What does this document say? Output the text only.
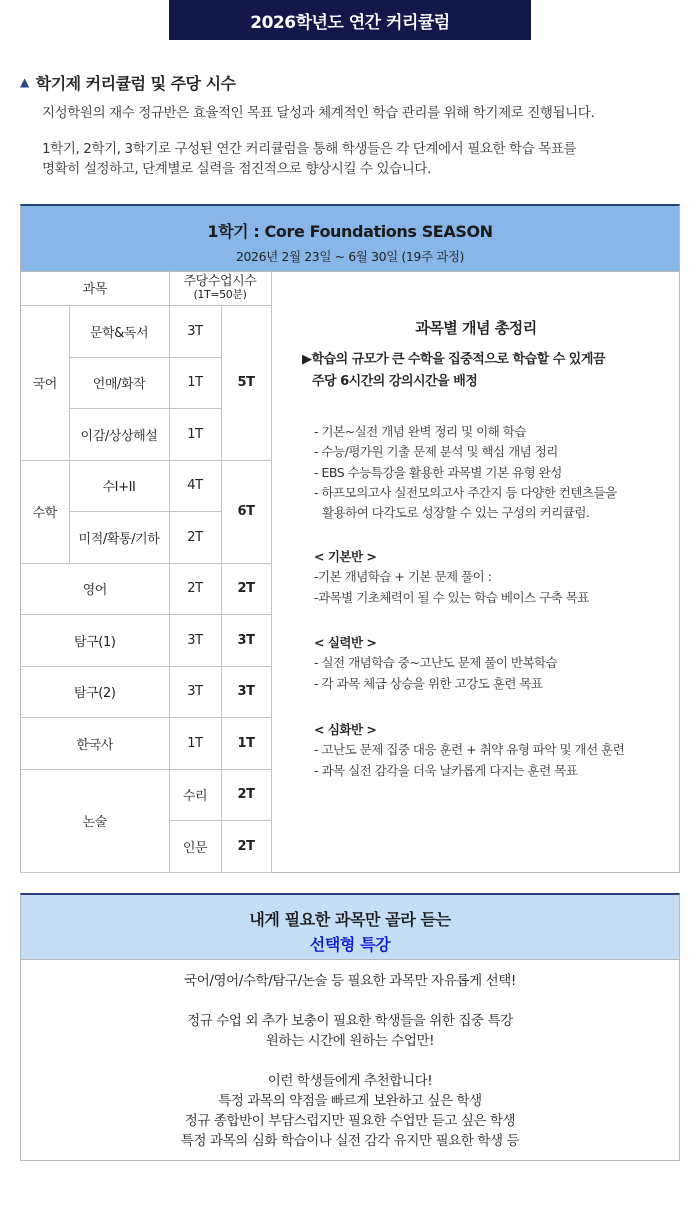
2026학년도 연간 커리큘럼
▲ 학기제 커리큘럼 및 주당 시수
지성학원의 재수 정규반은 효율적인 목표 달성과 체계적인 학습 관리를 위해 학기제로 진행됩니다.
1학기, 2학기, 3학기로 구성된 연간 커리큘럼을 통해 학생들은 각 단계에서 필요한 학습 목표를
명확히 설정하고, 단계별로 실력을 점진적으로 향상시킬 수 있습니다.
1학기 : Core Foundations SEASON
2026년 2월 23일 ~ 6월 30일 (19주 과정)
과목		주당수업시수
(1T=50분)	

국어	문학&독서	3T	5T
	언매/화작	1T	
	이감/상상해설	1T	
수학	수I+II	4T	6T
	미적/확통/기하	2T	
영어		2T	2T
탐구(1)		3T	3T
탐구(2)		3T	3T
한국사		1T	1T
논술		수리	2T
		인문	2T
과목별 개념 총정리
▶학습의 규모가 큰 수학을 집중적으로 학습할 수 있게끔
주당 6시간의 강의시간을 배정
- 기본~실전 개념 완벽 정리 및 이해 학습
- 수능/평가원 기출 문제 분석 및 핵심 개념 정리
- EBS 수능특강을 활용한 과목별 기본 유형 완성
- 하프모의고사 실전모의고사 주간지 등 다양한 컨텐츠들을
활용하여 다각도로 성장할 수 있는 구성의 커리큘럼.
< 기본반 >
-기본 개념학습 + 기본 문제 풀이 :
-과목별 기초체력이 될 수 있는 학습 베이스 구축 목표
< 실력반 >
- 실전 개념학습 중~고난도 문제 풀이 반복학습
- 각 과목 체급 상승을 위한 고강도 훈련 목표
< 심화반 >
- 고난도 문제 집중 대응 훈련 + 취약 유형 파악 및 개선 훈련
- 과목 실전 감각을 더욱 날카롭게 다지는 훈련 목표
내게 필요한 과목만 골라 듣는
선택형 특강
국어/영어/수학/탐구/논술 등 필요한 과목만 자유롭게 선택!
정규 수업 외 추가 보충이 필요한 학생들을 위한 집중 특강
원하는 시간에 원하는 수업만!
이런 학생들에게 추천합니다!
특정 과목의 약점을 빠르게 보완하고 싶은 학생
정규 종합반이 부담스럽지만 필요한 수업만 듣고 싶은 학생
특정 과목의 심화 학습이나 실전 감각 유지만 필요한 학생 등
